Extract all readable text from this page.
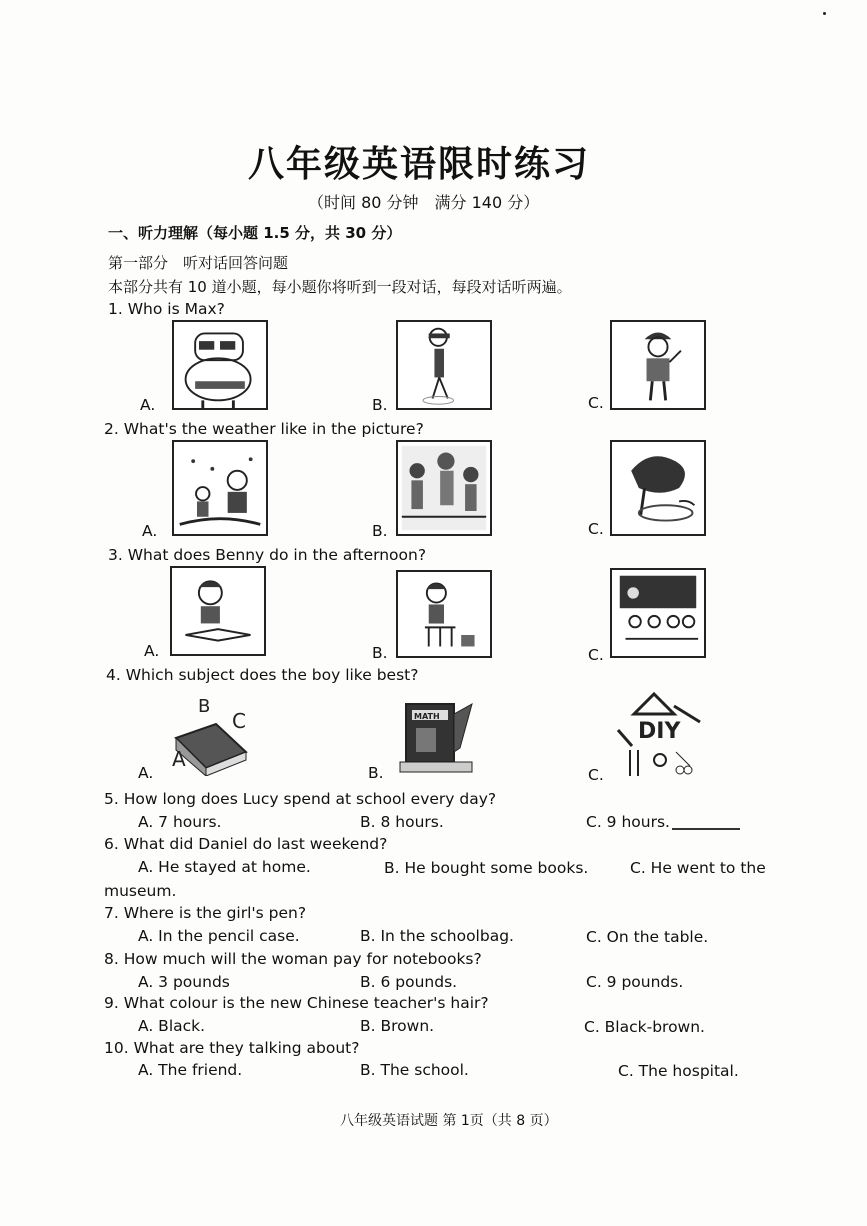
八年级英语限时练习
（时间 80 分钟　满分 140 分）
一、听力理解（每小题 1.5 分，共 30 分）
第一部分　听对话回答问题
本部分共有 10 道小题，每小题你将听到一段对话，每段对话听两遍。
1. Who is Max?
A.	B.	C.
2. What's the weather like in the picture?
A.	B.	C.
3. What does Benny do in the afternoon?
A.	B.	C.
4. Which subject does the boy like best?
A.
B
C
A
B.
MATH
C.
DIY
5. How long does Lucy spend at school every day?
A. 7 hours.	B. 8 hours.	C. 9 hours.
6. What did Daniel do last weekend?
A. He stayed at home.	B. He bought some books.	C. He went to the
museum.
7. Where is the girl's pen?
A. In the pencil case.	B. In the schoolbag.	C. On the table.
8. How much will the woman pay for notebooks?
A. 3 pounds	B. 6 pounds.	C. 9 pounds.
9. What colour is the new Chinese teacher's hair?
A. Black.	B. Brown.	C. Black-brown.
10. What are they talking about?
A. The friend.	B. The school.	C. The hospital.
八年级英语试题 第 1页（共 8 页）
